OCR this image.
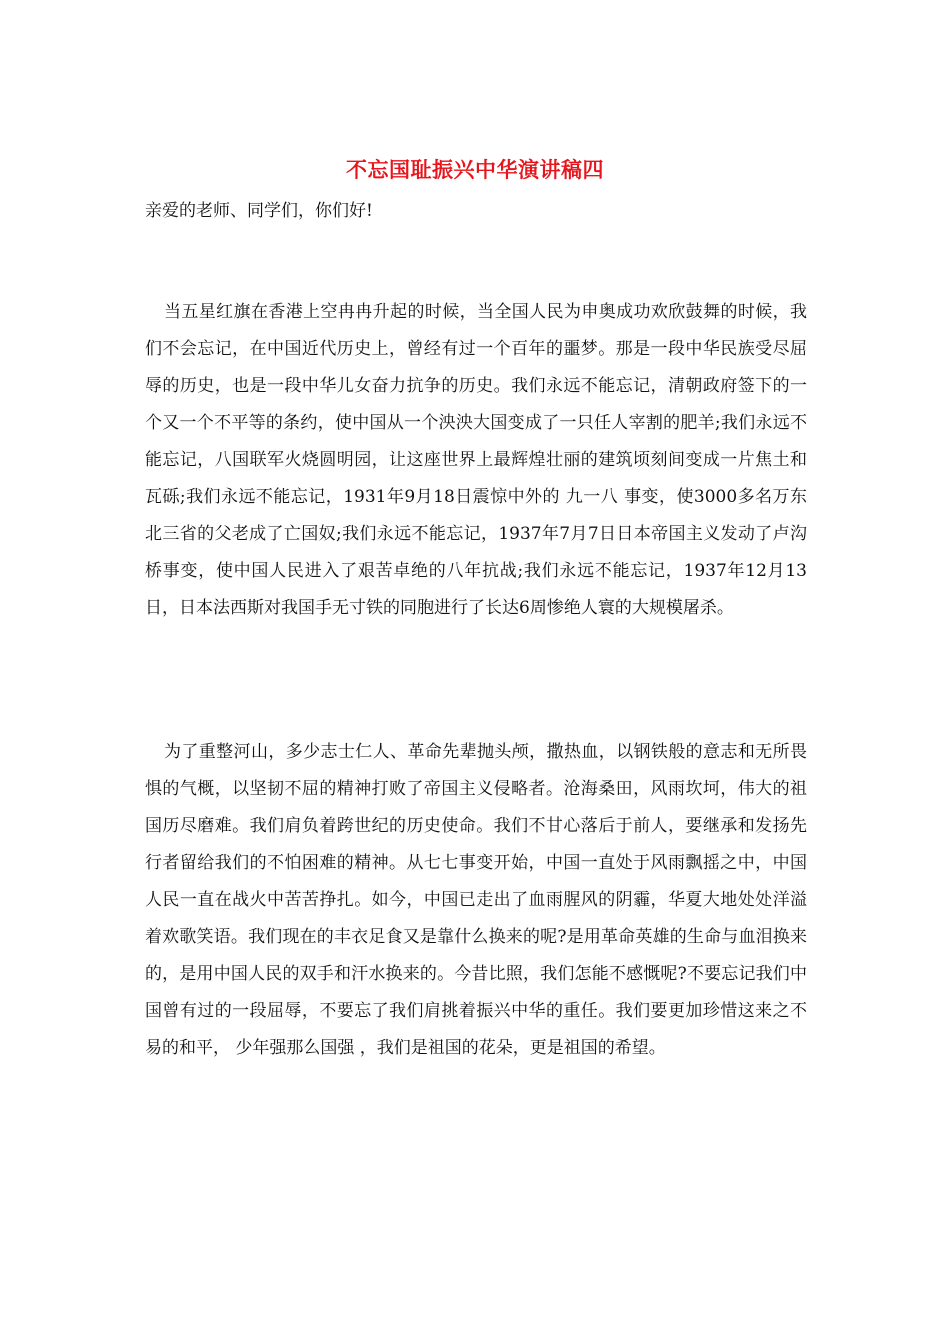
不忘国耻振兴中华演讲稿四

亲爱的老师、同学们，你们好!

当五星红旗在香港上空冉冉升起的时候，当全国人民为申奥成功欢欣鼓舞的时候，我们不会忘记，在中国近代历史上，曾经有过一个百年的噩梦。那是一段中华民族受尽屈辱的历史，也是一段中华儿女奋力抗争的历史。我们永远不能忘记，清朝政府签下的一个又一个不平等的条约，使中国从一个泱泱大国变成了一只任人宰割的肥羊;我们永远不能忘记，八国联军火烧圆明园，让这座世界上最辉煌壮丽的建筑顷刻间变成一片焦土和瓦砾;我们永远不能忘记，1931年9月18日震惊中外的 九一八 事变，使3000多名万东北三省的父老成了亡国奴;我们永远不能忘记，1937年7月7日日本帝国主义发动了卢沟桥事变，使中国人民进入了艰苦卓绝的八年抗战;我们永远不能忘记，1937年12月13日，日本法西斯对我国手无寸铁的同胞进行了长达6周惨绝人寰的大规模屠杀。

为了重整河山，多少志士仁人、革命先辈抛头颅，撒热血，以钢铁般的意志和无所畏惧的气概，以坚韧不屈的精神打败了帝国主义侵略者。沧海桑田，风雨坎坷，伟大的祖国历尽磨难。我们肩负着跨世纪的历史使命。我们不甘心落后于前人，要继承和发扬先行者留给我们的不怕困难的精神。从七七事变开始，中国一直处于风雨飘摇之中，中国人民一直在战火中苦苦挣扎。如今，中国已走出了血雨腥风的阴霾，华夏大地处处洋溢着欢歌笑语。我们现在的丰衣足食又是靠什么换来的呢?是用革命英雄的生命与血泪换来的，是用中国人民的双手和汗水换来的。今昔比照，我们怎能不感慨呢?不要忘记我们中国曾有过的一段屈辱，不要忘了我们肩挑着振兴中华的重任。我们要更加珍惜这来之不易的和平， 少年强那么国强 ，我们是祖国的花朵，更是祖国的希望。
